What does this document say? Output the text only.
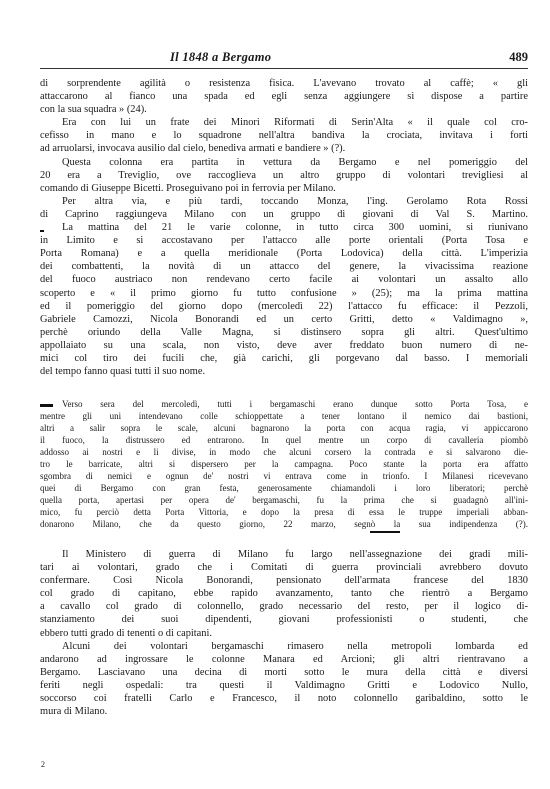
Il 1848 a Bergamo	489
di sorprendente agilità o resistenza fisica. L'avevano trovato al caffè; « gli
attaccarono al fianco una spada ed egli senza aggiungere sì dispose a partire
con la sua squadra » (24).
Era con lui un frate dei Minori Riformati di Serin'Alta « il quale col cro-
cefisso in mano e lo squadrone nell'altra bandiva la crociata, invitava i forti
ad arruolarsi, invocava ausilio dal cielo, benediva armati e bandiere » (?).
Questa colonna era partita in vettura da Bergamo e nel pomeriggio del
20 era a Treviglio, ove raccoglieva un altro gruppo di volontari trevigliesi al
comando di Giuseppe Bicetti. Proseguivano poi in ferrovia per Milano.
Per altra via, e più tardi, toccando Monza, l'ing. Gerolamo Rota Rossi
di Caprino raggiungeva Milano con un gruppo di giovani di Val S. Martino.
La mattina del 21 le varie colonne, in tutto circa 300 uomini, si riunivano
in Limito e si accostavano per l'attacco alle porte orientali (Porta Tosa e
Porta Romana) e a quella meridionale (Porta Lodovica) della città. L'imperizia
dei combattenti, la novità di un attacco del genere, la vivacissima reazione
del fuoco austriaco non rendevano certo facile ai volontari un assalto allo
scoperto e « il primo giorno fu tutto confusione » (25); ma la prima mattina
ed il pomeriggio del giorno dopo (mercoledì 22) l'attacco fu efficace: il Pezzoli,
Gabriele Camozzi, Nicola Bonorandi ed un certo Gritti, detto « Valdimagno »,
perchè oriundo della Valle Magna, si distinsero sopra gli altri. Quest'ultimo
appollaiato su una scala, non visto, deve aver freddato buon numero di ne-
mici col tiro dei fucili che, già carichi, gli porgevano dal basso. I memoriali
del tempo fanno quasi tutti il suo nome.
Verso sera del mercoledì, tutti i bergamaschi erano dunque sotto Porta Tosa, e
mentre gli uni intendevano colle schioppettate a tener lontano il nemico dai bastioni,
altri a salir sopra le scale, alcuni bagnarono la porta con acqua ragia, vi appiccarono
il fuoco, la distrussero ed entrarono. In quel mentre un corpo di cavalleria piombò
addosso ai nostri e li divise, in modo che alcuni corsero la contrada e si salvarono die-
tro le barricate, altri si dispersero per la campagna. Poco stante la porta era affatto
sgombra di nemici e ognun de' nostri vi entrava come in trionfo. I Milanesi ricevevano
quei di Bergamo con gran festa, generosamente chiamandoli i loro liberatori; perchè
quella porta, apertasi per opera de' bergamaschi, fu la prima che si guadagnò all'ini-
mico, fu perciò detta Porta Vittoria, e dopo la presa di essa le truppe imperiali abban-
donarono Milano, che da questo giorno, 22 marzo, segnò la sua indipendenza (?).
Il Ministero di guerra di Milano fu largo nell'assegnazione dei gradi mili-
tari ai volontari, grado che i Comitati di guerra provinciali avrebbero dovuto
confermare. Così Nicola Bonorandi, pensionato dell'armata francese del 1830
col grado di capitano, ebbe rapido avanzamento, tanto che rientrò a Bergamo
a cavallo col grado di colonnello, grado necessario del resto, per il logico di-
stanziamento dei suoi dipendenti, giovani professionisti o studenti, che
ebbero tutti grado di tenenti o di capitani.
Alcuni dei volontari bergamaschi rimasero nella metropoli lombarda ed
andarono ad ingrossare le colonne Manara ed Arcioni; gli altri rientravano a
Bergamo. Lasciavano una decina di morti sotto le mura della città e diversi
feriti negli ospedali: tra questi il Valdimagno Gritti e Lodovico Nullo,
soccorso coi fratelli Carlo e Francesco, il noto colonnello garibaldino, sotto le
mura di Milano.
2
